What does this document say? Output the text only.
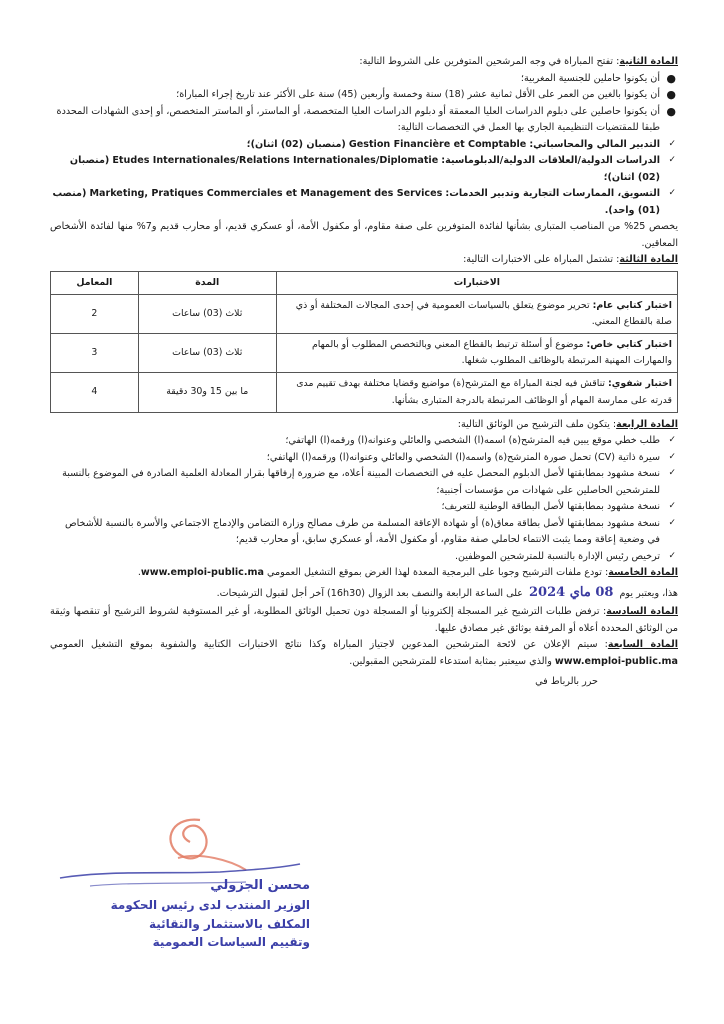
المادة الثانية: تفتح المباراة في وجه المرشحين المتوفرين على الشروط التالية:

●
أن يكونوا حاملين للجنسية المغربية؛
●
أن يكونوا بالغين من العمر على الأقل ثمانية عشر (18) سنة وخمسة وأربعين (45) سنة على الأكثر عند تاريخ إجراء المباراة؛
●
أن يكونوا حاصلين على دبلوم الدراسات العليا المعمقة أو دبلوم الدراسات العليا المتخصصة، أو الماستر، أو الماستر المتخصص، أو إحدى الشهادات المحددة طبقا للمقتضيات التنظيمية الجاري بها العمل في التخصصات التالية:
✓
التدبير المالي والمحاسباتي: Gestion Financière et Comptable (منصبان (02) اثنان)؛
✓
الدراسات الدولية/العلاقات الدولية/الدبلوماسية: Etudes Internationales/Relations Internationales/Diplomatie (منصبان (02) اثنان)؛
✓
التسويق، الممارسات التجارية وتدبير الخدمات: Marketing, Pratiques Commerciales et Management des Services (منصب (01) واحد).

يخصص 25% من المناصب المتبارى بشأنها لفائدة المتوفرين على صفة مقاوم، أو مكفول الأمة، أو عسكري قديم، أو محارب قديم و7% منها لفائدة الأشخاص المعاقين.

المادة الثالثة: تشتمل المباراة على الاختبارات التالية:

الاختبارات	المدة	المعامل
اختبار كتابي عام: تحرير موضوع يتعلق بالسياسات العمومية في إحدى المجالات المختلفة أو ذي صلة بالقطاع المعني.	ثلاث (03) ساعات	2
اختبار كتابي خاص: موضوع أو أسئلة ترتبط بالقطاع المعني وبالتخصص المطلوب أو بالمهام والمهارات المهنية المرتبطة بالوظائف المطلوب شغلها.	ثلاث (03) ساعات	3
اختبار شفوي: تناقش فيه لجنة المباراة مع المترشح(ة) مواضيع وقضايا مختلفة بهدف تقييم مدى قدرته على ممارسة المهام أو الوظائف المرتبطة بالدرجة المتبارى بشأنها.	ما بين 15 و30 دقيقة	4

المادة الرابعة: يتكون ملف الترشيح من الوثائق التالية:

✓
طلب خطي موقع يبين فيه المترشح(ة) اسمه(ا) الشخصي والعائلي وعنوانه(ا) ورقمه(ا) الهاتفي؛
✓
سيرة ذاتية (CV) تحمل صورة المترشح(ة) واسمه(ا) الشخصي والعائلي وعنوانه(ا) ورقمه(ا) الهاتفي؛
✓
نسخة مشهود بمطابقتها لأصل الدبلوم المحصل عليه في التخصصات المبينة أعلاه، مع ضرورة إرفاقها بقرار المعادلة العلمية الصادرة في الموضوع بالنسبة للمترشحين الحاصلين على شهادات من مؤسسات أجنبية؛
✓
نسخة مشهود بمطابقتها لأصل البطاقة الوطنية للتعريف؛
✓
نسخة مشهود بمطابقتها لأصل بطاقة معاق(ة) أو شهادة الإعاقة المسلمة من طرف مصالح وزارة التضامن والإدماج الاجتماعي والأسرة بالنسبة للأشخاص في وضعية إعاقة ومما يثبت الانتماء لحاملي صفة مقاوم، أو مكفول الأمة، أو عسكري سابق، أو محارب قديم؛
✓
ترخيص رئيس الإدارة بالنسبة للمترشحين الموظفين.

المادة الخامسة: تودع ملفات الترشيح وجوبا على البرمجية المعدة لهذا الغرض بموقع التشغيل العمومي www.emploi-public.ma.

هذا، ويعتبر يوم08 ماي 2024على الساعة الرابعة والنصف بعد الزوال (16h30) آخر أجل لقبول الترشيحات.

المادة السادسة: ترفض طلبات الترشيح غير المسجلة إلكترونيا أو المسجلة دون تحميل الوثائق المطلوبة، أو غير المستوفية لشروط الترشيح أو تنقصها وثيقة من الوثائق المحددة أعلاه أو المرفقة بوثائق غير مصادق عليها.

المادة السابعة: سيتم الإعلان عن لائحة المترشحين المدعوين لاجتياز المباراة وكذا نتائج الاختبارات الكتابية والشفوية بموقع التشغيل العمومي www.emploi-public.ma والذي سيعتبر بمثابة استدعاء للمترشحين المقبولين.

حرر بالرباط في

محسن الجزولي
الوزير المنتدب لدى رئيس الحكومة
المكلف بالاستثمار والتقائية
وتقييم السياسات العمومية
